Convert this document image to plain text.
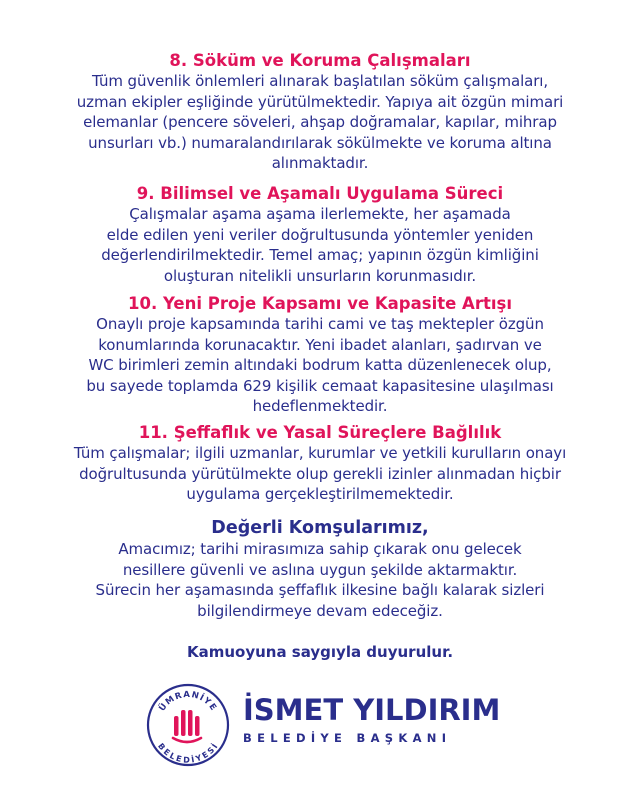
8. Söküm ve Koruma Çalışmaları

Tüm güvenlik önlemleri alınarak başlatılan söküm çalışmaları,
uzman ekipler eşliğinde yürütülmektedir. Yapıya ait özgün mimari
elemanlar (pencere söveleri, ahşap doğramalar, kapılar, mihrap
unsurları vb.) numaralandırılarak sökülmekte ve koruma altına
alınmaktadır.

9. Bilimsel ve Aşamalı Uygulama Süreci

Çalışmalar aşama aşama ilerlemekte, her aşamada
elde edilen yeni veriler doğrultusunda yöntemler yeniden
değerlendirilmektedir. Temel amaç; yapının özgün kimliğini
oluşturan nitelikli unsurların korunmasıdır.

10. Yeni Proje Kapsamı ve Kapasite Artışı

Onaylı proje kapsamında tarihi cami ve taş mektepler özgün
konumlarında korunacaktır. Yeni ibadet alanları, şadırvan ve
WC birimleri zemin altındaki bodrum katta düzenlenecek olup,
bu sayede toplamda 629 kişilik cemaat kapasitesine ulaşılması
hedeflenmektedir.

11. Şeffaflık ve Yasal Süreçlere Bağlılık

Tüm çalışmalar; ilgili uzmanlar, kurumlar ve yetkili kurulların onayı
doğrultusunda yürütülmekte olup gerekli izinler alınmadan hiçbir
uygulama gerçekleştirilmemektedir.

Değerli Komşularımız,

Amacımız; tarihi mirasımıza sahip çıkarak onu gelecek
nesillere güvenli ve aslına uygun şekilde aktarmaktır.
Sürecin her aşamasında şeffaflık ilkesine bağlı kalarak sizleri
bilgilendirmeye devam edeceğiz.

Kamuoyuna saygıyla duyurulur.

ÜMRANİYE
BELEDİYESİ
İSMET YILDIRIM
BELEDİYE BAŞKANI
